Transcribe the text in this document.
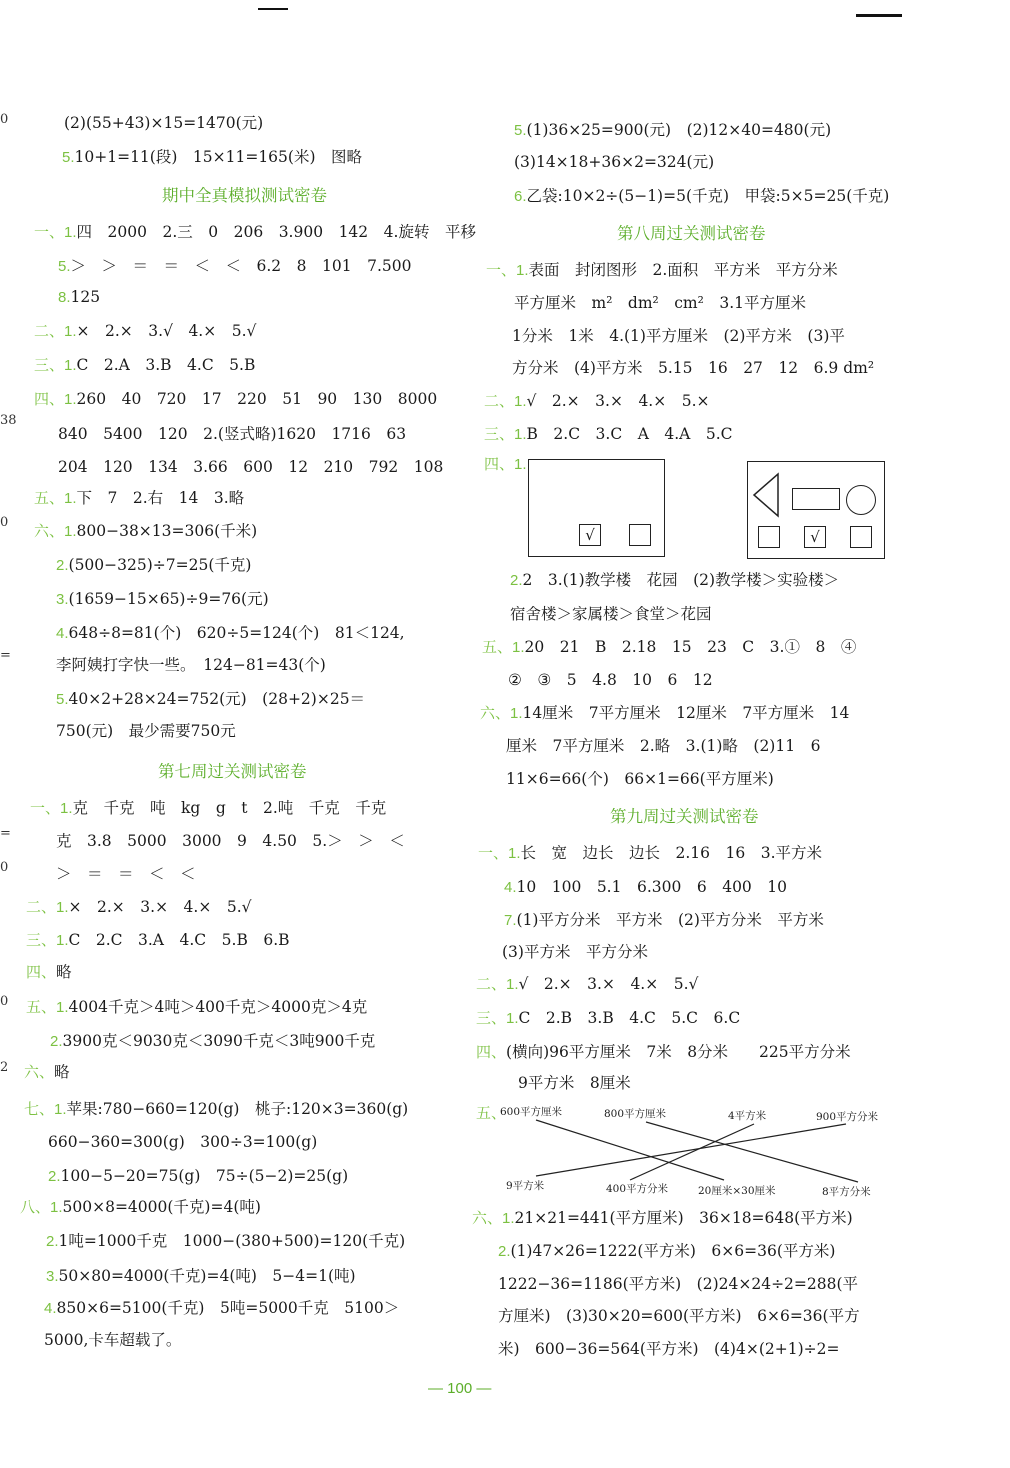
0
38
0
=
=
0
0
2
(2)(55+43)×15=1470(元)
5.10+1=11(段)　15×11=165(米)　图略
期中全真模拟测试密卷
一、1.四　2000　2.三　0　206　3.900　142　4.旋转　平移
5.＞　＞　＝　＝　＜　＜　6.2　8　101　7.500
8.125
二、1.×　2.×　3.√　4.×　5.√
三、1.C　2.A　3.B　4.C　5.B
四、1.260　40　720　17　220　51　90　130　8000
840　5400　120　2.(竖式略)1620　1716　63
204　120　134　3.66　600　12　210　792　108
五、1.下　7　2.右　14　3.略
六、1.800−38×13=306(千米)
2.(500−325)÷7=25(千克)
3.(1659−15×65)÷9=76(元)
4.648÷8=81(个)　620÷5=124(个)　81＜124,
李阿姨打字快一些。　124−81=43(个)
5.40×2+28×24=752(元)　(28+2)×25＝
750(元)　最少需要750元
第七周过关测试密卷
一、1.克　千克　吨　kg　g　t　2.吨　千克　千克
克　3.8　5000　3000　9　4.50　5.＞　＞　＜
＞　＝　＝　＜　＜
二、1.×　2.×　3.×　4.×　5.√
三、1.C　2.C　3.A　4.C　5.B　6.B
四、略
五、1.4004千克＞4吨＞400千克＞4000克＞4克
2.3900克＜9030克＜3090千克＜3吨900千克
六、略
七、1.苹果:780−660=120(g)　桃子:120×3=360(g)
660−360=300(g)　300÷3=100(g)
2.100−5−20=75(g)　75÷(5−2)=25(g)
八、1.500×8=4000(千克)=4(吨)
2.1吨=1000千克　1000−(380+500)=120(千克)
3.50×80=4000(千克)=4(吨)　5−4=1(吨)
4.850×6=5100(千克)　5吨=5000千克　5100＞
5000,卡车超载了。
5.(1)36×25=900(元)　(2)12×40=480(元)
(3)14×18+36×2=324(元)
6.乙袋:10×2÷(5−1)=5(千克)　甲袋:5×5=25(千克)
第八周过关测试密卷
一、1.表面　封闭图形　2.面积　平方米　平方分米
平方厘米　m²　dm²　cm²　3.1平方厘米
1分米　1米　4.(1)平方厘米　(2)平方米　(3)平
方分米　(4)平方米　5.15　16　27　12　6.9 dm²
二、1.√　2.×　3.×　4.×　5.×
三、1.B　2.C　3.C　A　4.A　5.C
四、1.
√	√
2.2　3.(1)教学楼　花园　(2)教学楼＞实验楼＞
宿舍楼＞家属楼＞食堂＞花园
五、1.20　21　B　2.18　15　23　C　3.①　8　④
②　③　5　4.8　10　6　12
六、1.14厘米　7平方厘米　12厘米　7平方厘米　14
厘米　7平方厘米　2.略　3.(1)略　(2)11　6
11×6=66(个)　66×1=66(平方厘米)
第九周过关测试密卷
一、1.长　宽　边长　边长　2.16　16　3.平方米
4.10　100　5.1　6.300　6　400　10
7.(1)平方分米　平方米　(2)平方分米　平方米
(3)平方米　平方分米
二、1.√　2.×　3.×　4.×　5.√
三、1.C　2.B　3.B　4.C　5.C　6.C
四、(横向)96平方厘米　7米　8分米　　225平方分米
9平方米　8厘米
五、
600平方厘米	800平方厘米	4平方米	900平方分米
9平方米	400平方分米	20厘米×30厘米	8平方分米
六、1.21×21=441(平方厘米)　36×18=648(平方米)
2.(1)47×26=1222(平方米)　6×6=36(平方米)
1222−36=1186(平方米)　(2)24×24÷2=288(平
方厘米)　(3)30×20=600(平方米)　6×6=36(平方
米)　600−36=564(平方米)　(4)4×(2+1)÷2=
— 100 —
